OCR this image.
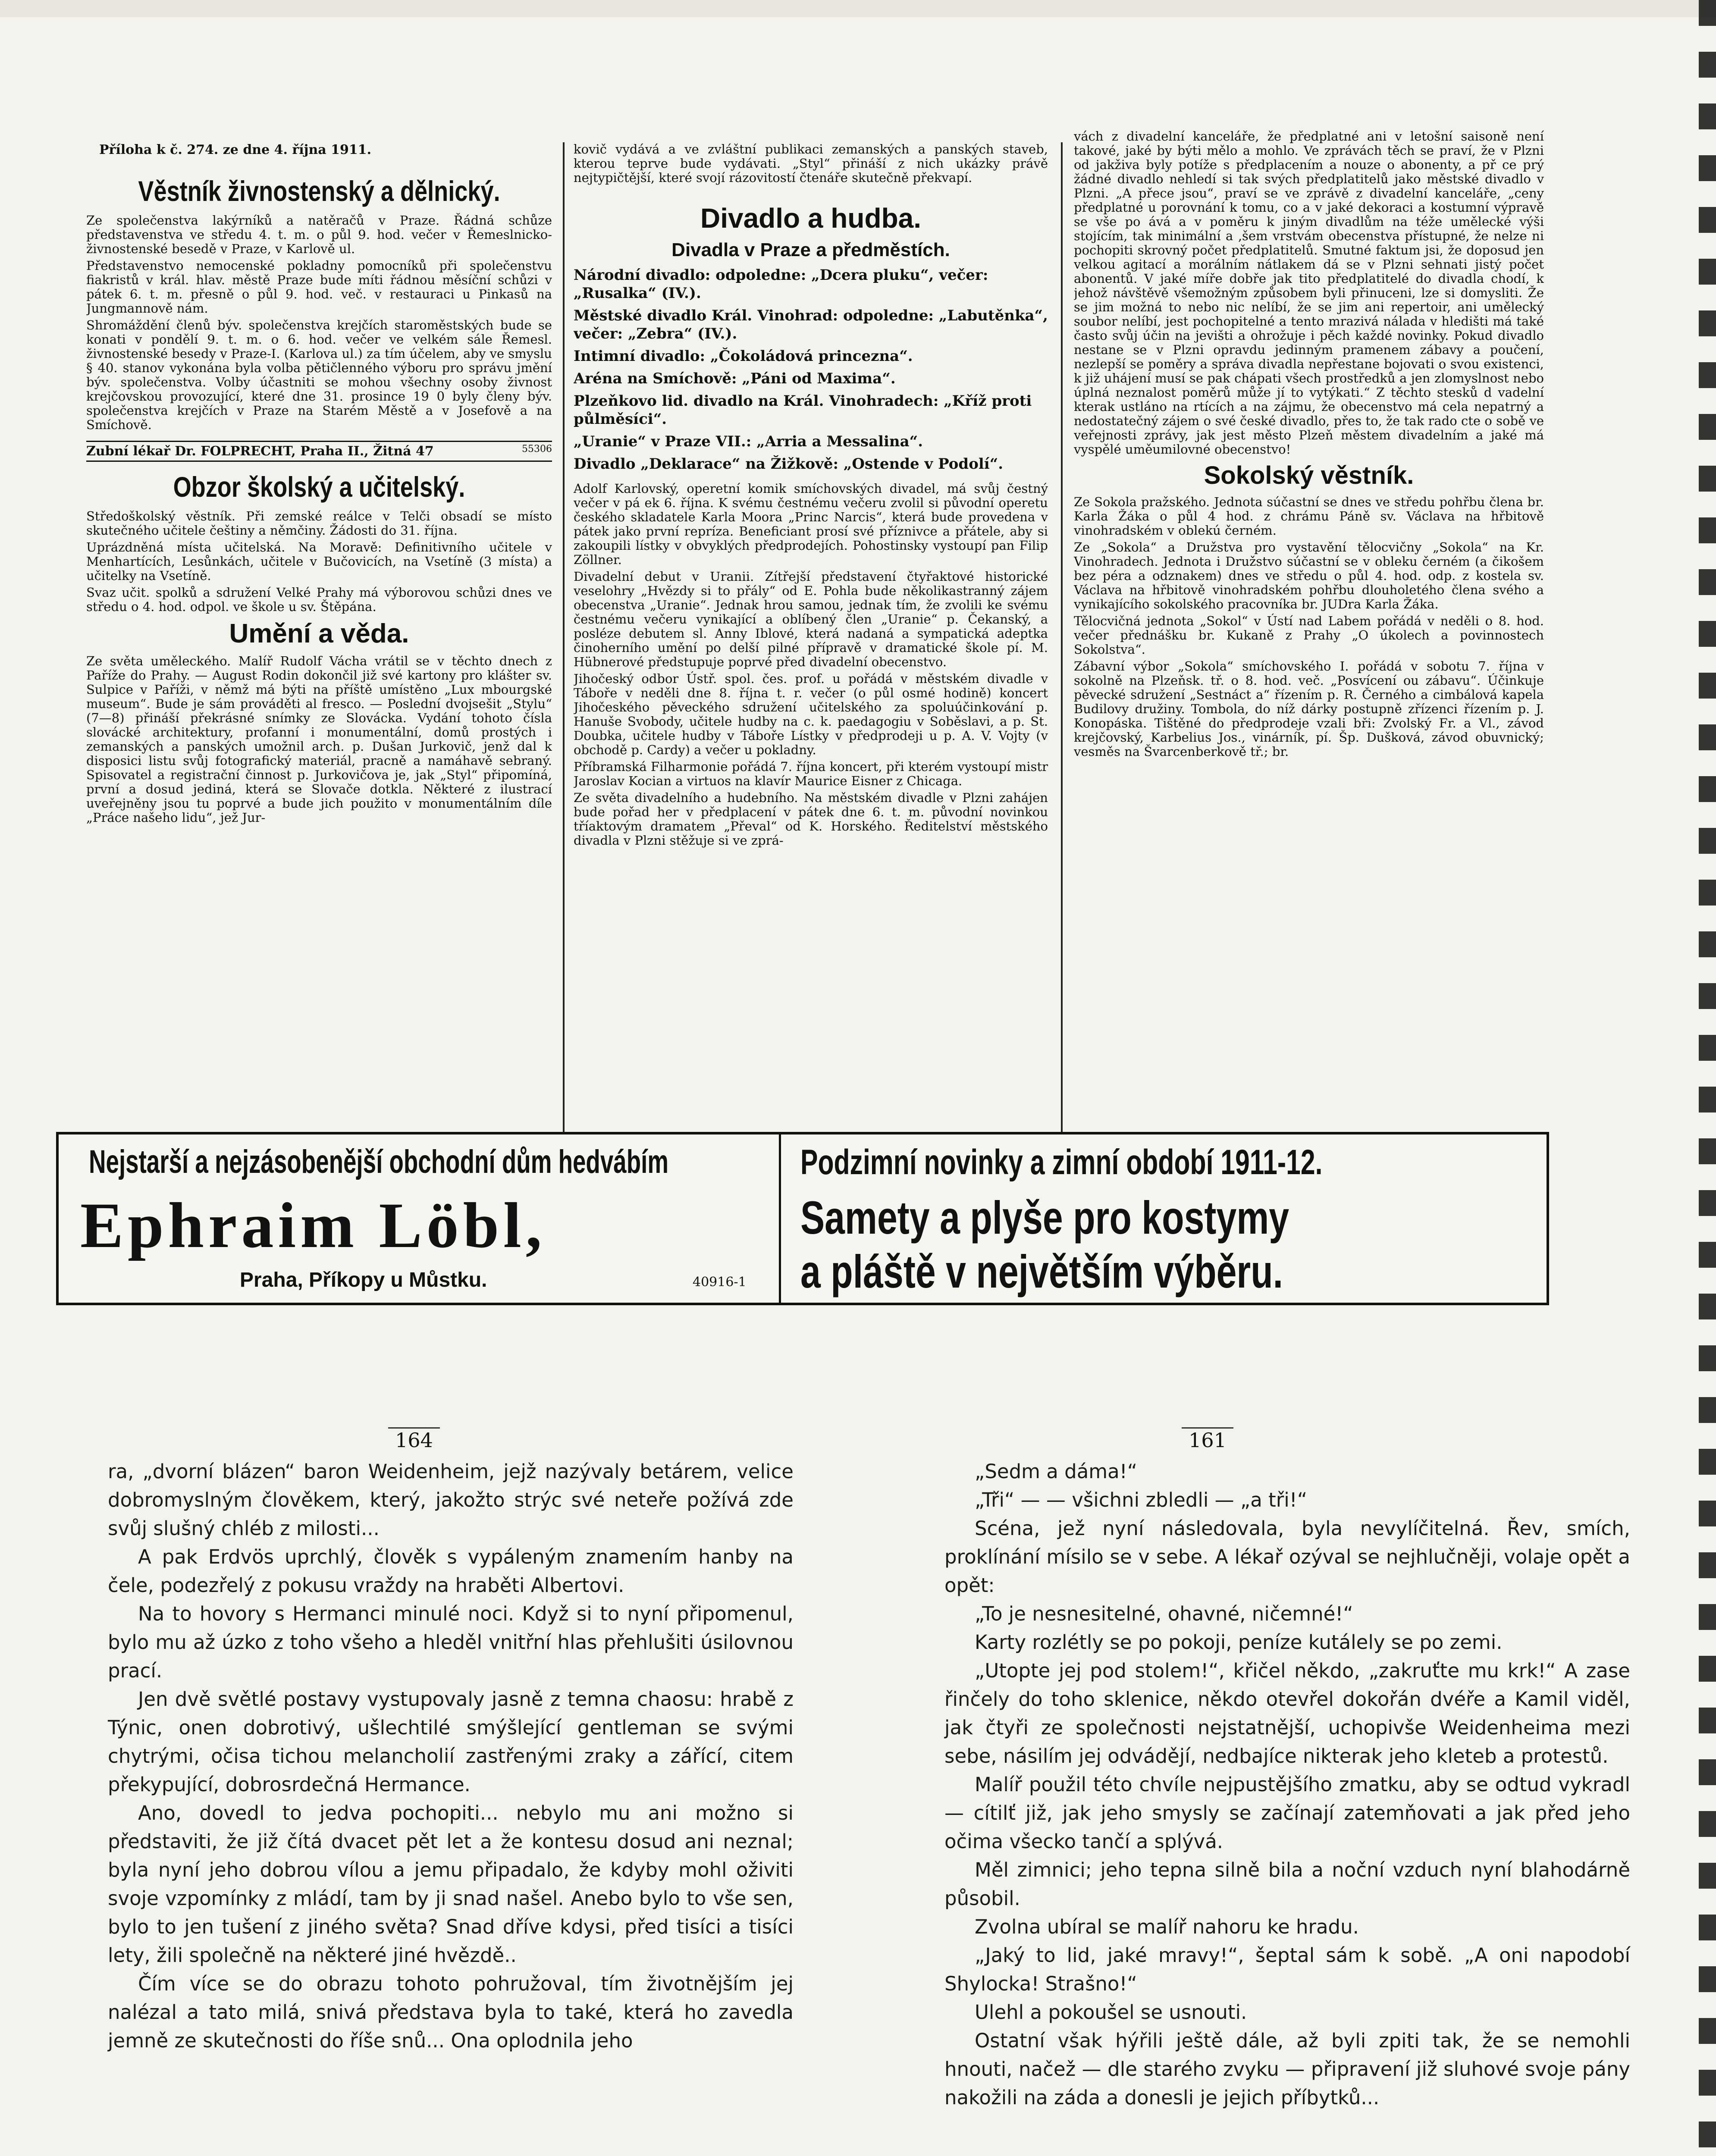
Příloha k č. 274. ze dne 4. října 1911.
Věstník živnostenský a dělnický.

Ze společenstva lakýrníků a natěračů v Praze. Řádná schůze představenstva ve středu 4. t. m. o půl 9. hod. večer v Řemeslnicko-živnostenské besedě v Praze, v Karlově ul.

Představenstvo nemocenské pokladny pomocníků při společenstvu fiakristů v král. hlav. městě Praze bude míti řádnou měsíční schůzi v pátek 6. t. m. přesně o půl 9. hod. več. v restauraci u Pinkasů na Jungmannově nám.

Shromáždění členů býv. společenstva krejčích staroměstských bude se konati v pondělí 9. t. m. o 6. hod. večer ve velkém sále Řemesl. živnostenské besedy v Praze-I. (Karlova ul.) za tím účelem, aby ve smyslu § 40. stanov vykonána byla volba pětičlenného výboru pro správu jmění býv. společenstva. Volby účastniti se mohou všechny osoby živnost krejčovskou provozující, které dne 31. prosince 19 0 byly členy býv. společenstva krejčích v Praze na Starém Městě a v Josefově a na Smíchově.

Zubní lékař Dr. FOLPRECHT, Praha II., Žitná 47	55306
Obzor školský a učitelský.

Středoškolský věstník. Při zemské reálce v Telči obsadí se místo skutečného učitele češtiny a němčiny. Žádosti do 31. října.

Uprázdněná místa učitelská. Na Moravě: Definitivního učitele v Menhartících, Lesůnkách, učitele v Bučovicích, na Vsetíně (3 místa) a učitelky na Vsetíně.

Svaz učit. spolků a sdružení Velké Prahy má výborovou schůzi dnes ve středu o 4. hod. odpol. ve škole u sv. Štěpána.

Umění a věda.

Ze světa uměleckého. Malíř Rudolf Vácha vrátil se v těchto dnech z Paříže do Prahy. — August Rodin dokončil již své kartony pro klášter sv. Sulpice v Paříži, v němž má býti na příště umístěno „Lux mbourgské museum“. Bude je sám prováděti al fresco. — Poslední dvojsešit „Stylu“ (7—8) přináší překrásné snímky ze Slovácka. Vydání tohoto čísla slovácké architektury, profanní i monumentální, domů prostých i zemanských a panských umožnil arch. p. Dušan Jurkovič, jenž dal k disposici listu svůj fotografický materiál, pracně a namáhavě sebraný. Spisovatel a registrační činnost p. Jurkovičova je, jak „Styl“ připomíná, první a dosud jediná, která se Slovače dotkla. Některé z ilustrací uveřejněny jsou tu poprvé a bude jich použito v monumentálním díle „Práce našeho lidu“, jež Jur-

kovič vydává a ve zvláštní publikaci zemanských a panských staveb, kterou teprve bude vydávati. „Styl“ přináší z nich ukázky právě nejtypičtější, které svojí rázovitostí čtenáře skutečně překvapí.

Divadlo a hudba.
Divadla v Praze a předměstích.

Národní divadlo: odpoledne: „Dcera pluku“, večer: „Rusalka“ (IV.).

Městské divadlo Král. Vinohrad: odpoledne: „Labutěnka“, večer: „Zebra“ (IV.).

Intimní divadlo: „Čokoládová princezna“.

Aréna na Smíchově: „Páni od Maxima“.

Plzeňkovo lid. divadlo na Král. Vinohradech: „Kříž proti půlměsíci“.

„Uranie“ v Praze VII.: „Arria a Messalina“.

Divadlo „Deklarace“ na Žižkově: „Ostende v Podolí“.

Adolf Karlovský, operetní komik smíchovských divadel, má svůj čestný večer v pá ek 6. října. K svému čestnému večeru zvolil si původní operetu českého skladatele Karla Moora „Princ Narcis“, která bude provedena v pátek jako první repríza. Beneficiant prosí své příznivce a přátele, aby si zakoupili lístky v obvyklých předprodejích. Pohostinsky vystoupí pan Filip Zöllner.

Divadelní debut v Uranii. Zítřejší představení čtyřaktové historické veselohry „Hvězdy si to přály“ od E. Pohla bude několikastranný zájem obecenstva „Uranie“. Jednak hrou samou, jednak tím, že zvolili ke svému čestnému večeru vynikající a oblíbený člen „Uranie“ p. Čekanský, a posléze debutem sl. Anny Iblové, která nadaná a sympatická adeptka činoherního umění po delší pilné přípravě v dramatické škole pí. M. Hübnerové předstupuje poprvé před divadelní obecenstvo.

Jihočeský odbor Ústř. spol. čes. prof. u pořádá v městském divadle v Táboře v neděli dne 8. října t. r. večer (o půl osmé hodině) koncert Jihočeského pěveckého sdružení učitelského za spoluúčinkování p. Hanuše Svobody, učitele hudby na c. k. paedagogiu v Soběslavi, a p. St. Doubka, učitele hudby v Táboře Lístky v předprodeji u p. A. V. Vojty (v obchodě p. Cardy) a večer u pokladny.

Příbramská Filharmonie pořádá 7. října koncert, při kterém vystoupí mistr Jaroslav Kocian a virtuos na klavír Maurice Eisner z Chicaga.

Ze světa divadelního a hudebního. Na městském divadle v Plzni zahájen bude pořad her v předplacení v pátek dne 6. t. m. původní novinkou tříaktovým dramatem „Převal“ od K. Horského. Ředitelství městského divadla v Plzni stěžuje si ve zprá-

vách z divadelní kanceláře, že předplatné ani v letošní saisoně není takové, jaké by býti mělo a mohlo. Ve zprávách těch se praví, že v Plzni od jakživa byly potíže s předplacením a nouze o abonenty, a př ce prý žádné divadlo nehledí si tak svých předplatitelů jako městské divadlo v Plzni. „A přece jsou“, praví se ve zprávě z divadelní kanceláře, „ceny předplatné u porovnání k tomu, co a v jaké dekoraci a kostumní výpravě se vše po ává a v poměru k jiným divadlům na téže umělecké výši stojícím, tak minimální a ‚šem vrstvám obecenstva přístupné, že nelze ni pochopiti skrovný počet předplatitelů. Smutné faktum jsi, že doposud jen velkou agitací a morálním nátlakem dá se v Plzni sehnati jistý počet abonentů. V jaké míře dobře jak tito předplatitelé do divadla chodí, k jehož návštěvě všemožným způsobem byli přinuceni, lze si domysliti. Že se jim možná to nebo nic nelíbí, že se jim ani repertoir, ani umělecký soubor nelíbí, jest pochopitelné a tento mrazivá nálada v hledišti má také často svůj účin na jevišti a ohrožuje i pěch každé novinky. Pokud divadlo nestane se v Plzni opravdu jedinným pramenem zábavy a poučení, nezlepší se poměry a správa divadla nepřestane bojovati o svou existenci, k již uhájení musí se pak chápati všech prostředků a jen zlomyslnost nebo úplná neznalost poměrů může jí to vytýkati.“ Z těchto stesků d vadelní kterak ustláno na rtících a na zájmu, že obecenstvo má cela nepatrný a nedostatečný zájem o své české divadlo, přes to, že tak rado cte o sobě ve veřejnosti zprávy, jak jest město Plzeň městem divadelním a jaké má vyspělé uměumilovné obecenstvo!

Sokolský věstník.

Ze Sokola pražského. Jednota súčastní se dnes ve středu pohřbu člena br. Karla Žáka o půl 4 hod. z chrámu Páně sv. Václava na hřbitově vinohradském v oblekú černém.

Ze „Sokola“ a Družstva pro vystavění tělocvičny „Sokola“ na Kr. Vinohradech. Jednota i Družstvo súčastní se v obleku černém (a čikošem bez péra a odznakem) dnes ve středu o půl 4. hod. odp. z kostela sv. Václava na hřbitově vinohradském pohřbu dlouholetého člena svého a vynikajícího sokolského pracovníka br. JUDra Karla Žáka.

Tělocvičná jednota „Sokol“ v Ústí nad Labem pořádá v neděli o 8. hod. večer přednášku br. Kukaně z Prahy „O úkolech a povinnostech Sokolstva“.

Zábavní výbor „Sokola“ smíchovského I. pořádá v sobotu 7. října v sokolně na Plzeňsk. tř. o 8. hod. več. „Posvícení ou zábavu“. Účinkuje pěvecké sdružení „Sestnáct a“ řízením p. R. Černého a cimbálová kapela Budilovy družiny. Tombola, do níž dárky postupně zřízenci řízením p. J. Konopáska. Tištěné do předprodeje vzali bři: Zvolský Fr. a Vl., závod krejčovský, Karbelius Jos., vinárník, pí. Šp. Dušková, závod obuvnický; vesměs na Švarcenberkově tř.; br.

Nejstarší a nejzásobenější obchodní dům hedvábím
Ephraim Löbl,
Praha, Příkopy u Můstku.	40916-1
Podzimní novinky a zimní období 1911-12.
Samety a plyše pro kostymy
a pláště v největším výběru.
164	161

ra, „dvorní blázen“ baron Weidenheim, jejž nazývaly betárem, velice dobromyslným člověkem, který, jakožto strýc své neteře požívá zde svůj slušný chléb z milosti...

A pak Erdvös uprchlý, člověk s vypáleným znamením hanby na čele, podezřelý z pokusu vraždy na hraběti Albertovi.

Na to hovory s Hermanci minulé noci. Když si to nyní připomenul, bylo mu až úzko z toho všeho a hleděl vnitřní hlas přehlušiti úsilovnou prací.

Jen dvě světlé postavy vystupovaly jasně z temna chaosu: hrabě z Týnic, onen dobrotivý, ušlechtilé smýšlející gentleman se svými chytrými, očisa tichou melancholií zastřenými zraky a zářící, citem překypující, dobrosrdečná Hermance.

Ano, dovedl to jedva pochopiti... nebylo mu ani možno si představiti, že již čítá dvacet pět let a že kontesu dosud ani neznal; byla nyní jeho dobrou vílou a jemu připadalo, že kdyby mohl oživiti svoje vzpomínky z mládí, tam by ji snad našel. Anebo bylo to vše sen, bylo to jen tušení z jiného světa? Snad dříve kdysi, před tisíci a tisíci lety, žili společně na některé jiné hvězdě..

Čím více se do obrazu tohoto pohružoval, tím životnějším jej nalézal a tato milá, snivá představa byla to také, která ho zavedla jemně ze skutečnosti do říše snů... Ona oplodnila jeho

„Sedm a dáma!“

„Tři“ — — všichni zbledli — „a tři!“

Scéna, jež nyní následovala, byla nevylíčitelná. Řev, smích, proklínání mísilo se v sebe. A lékař ozýval se nejhlučněji, volaje opět a opět:

„To je nesnesitelné, ohavné, ničemné!“

Karty rozlétly se po pokoji, peníze kutálely se po zemi.

„Utopte jej pod stolem!“, křičel někdo, „zakruťte mu krk!“ A zase řinčely do toho sklenice, někdo otevřel dokořán dvéře a Kamil viděl, jak čtyři ze společnosti nejstatnější, uchopivše Weidenheima mezi sebe, násilím jej odvádějí, nedbajíce nikterak jeho kleteb a protestů.

Malíř použil této chvíle nejpustějšího zmatku, aby se odtud vykradl — cítilť již, jak jeho smysly se začínají zatemňovati a jak před jeho očima všecko tančí a splývá.

Měl zimnici; jeho tepna silně bila a noční vzduch nyní blahodárně působil.

Zvolna ubíral se malíř nahoru ke hradu.

„Jaký to lid, jaké mravy!“, šeptal sám k sobě. „A oni napodobí Shylocka! Strašno!“

Ulehl a pokoušel se usnouti.

Ostatní však hýřili ještě dále, až byli zpiti tak, že se nemohli hnouti, načež — dle starého zvyku — připravení již sluhové svoje pány nakožili na záda a donesli je jejich příbytků...
